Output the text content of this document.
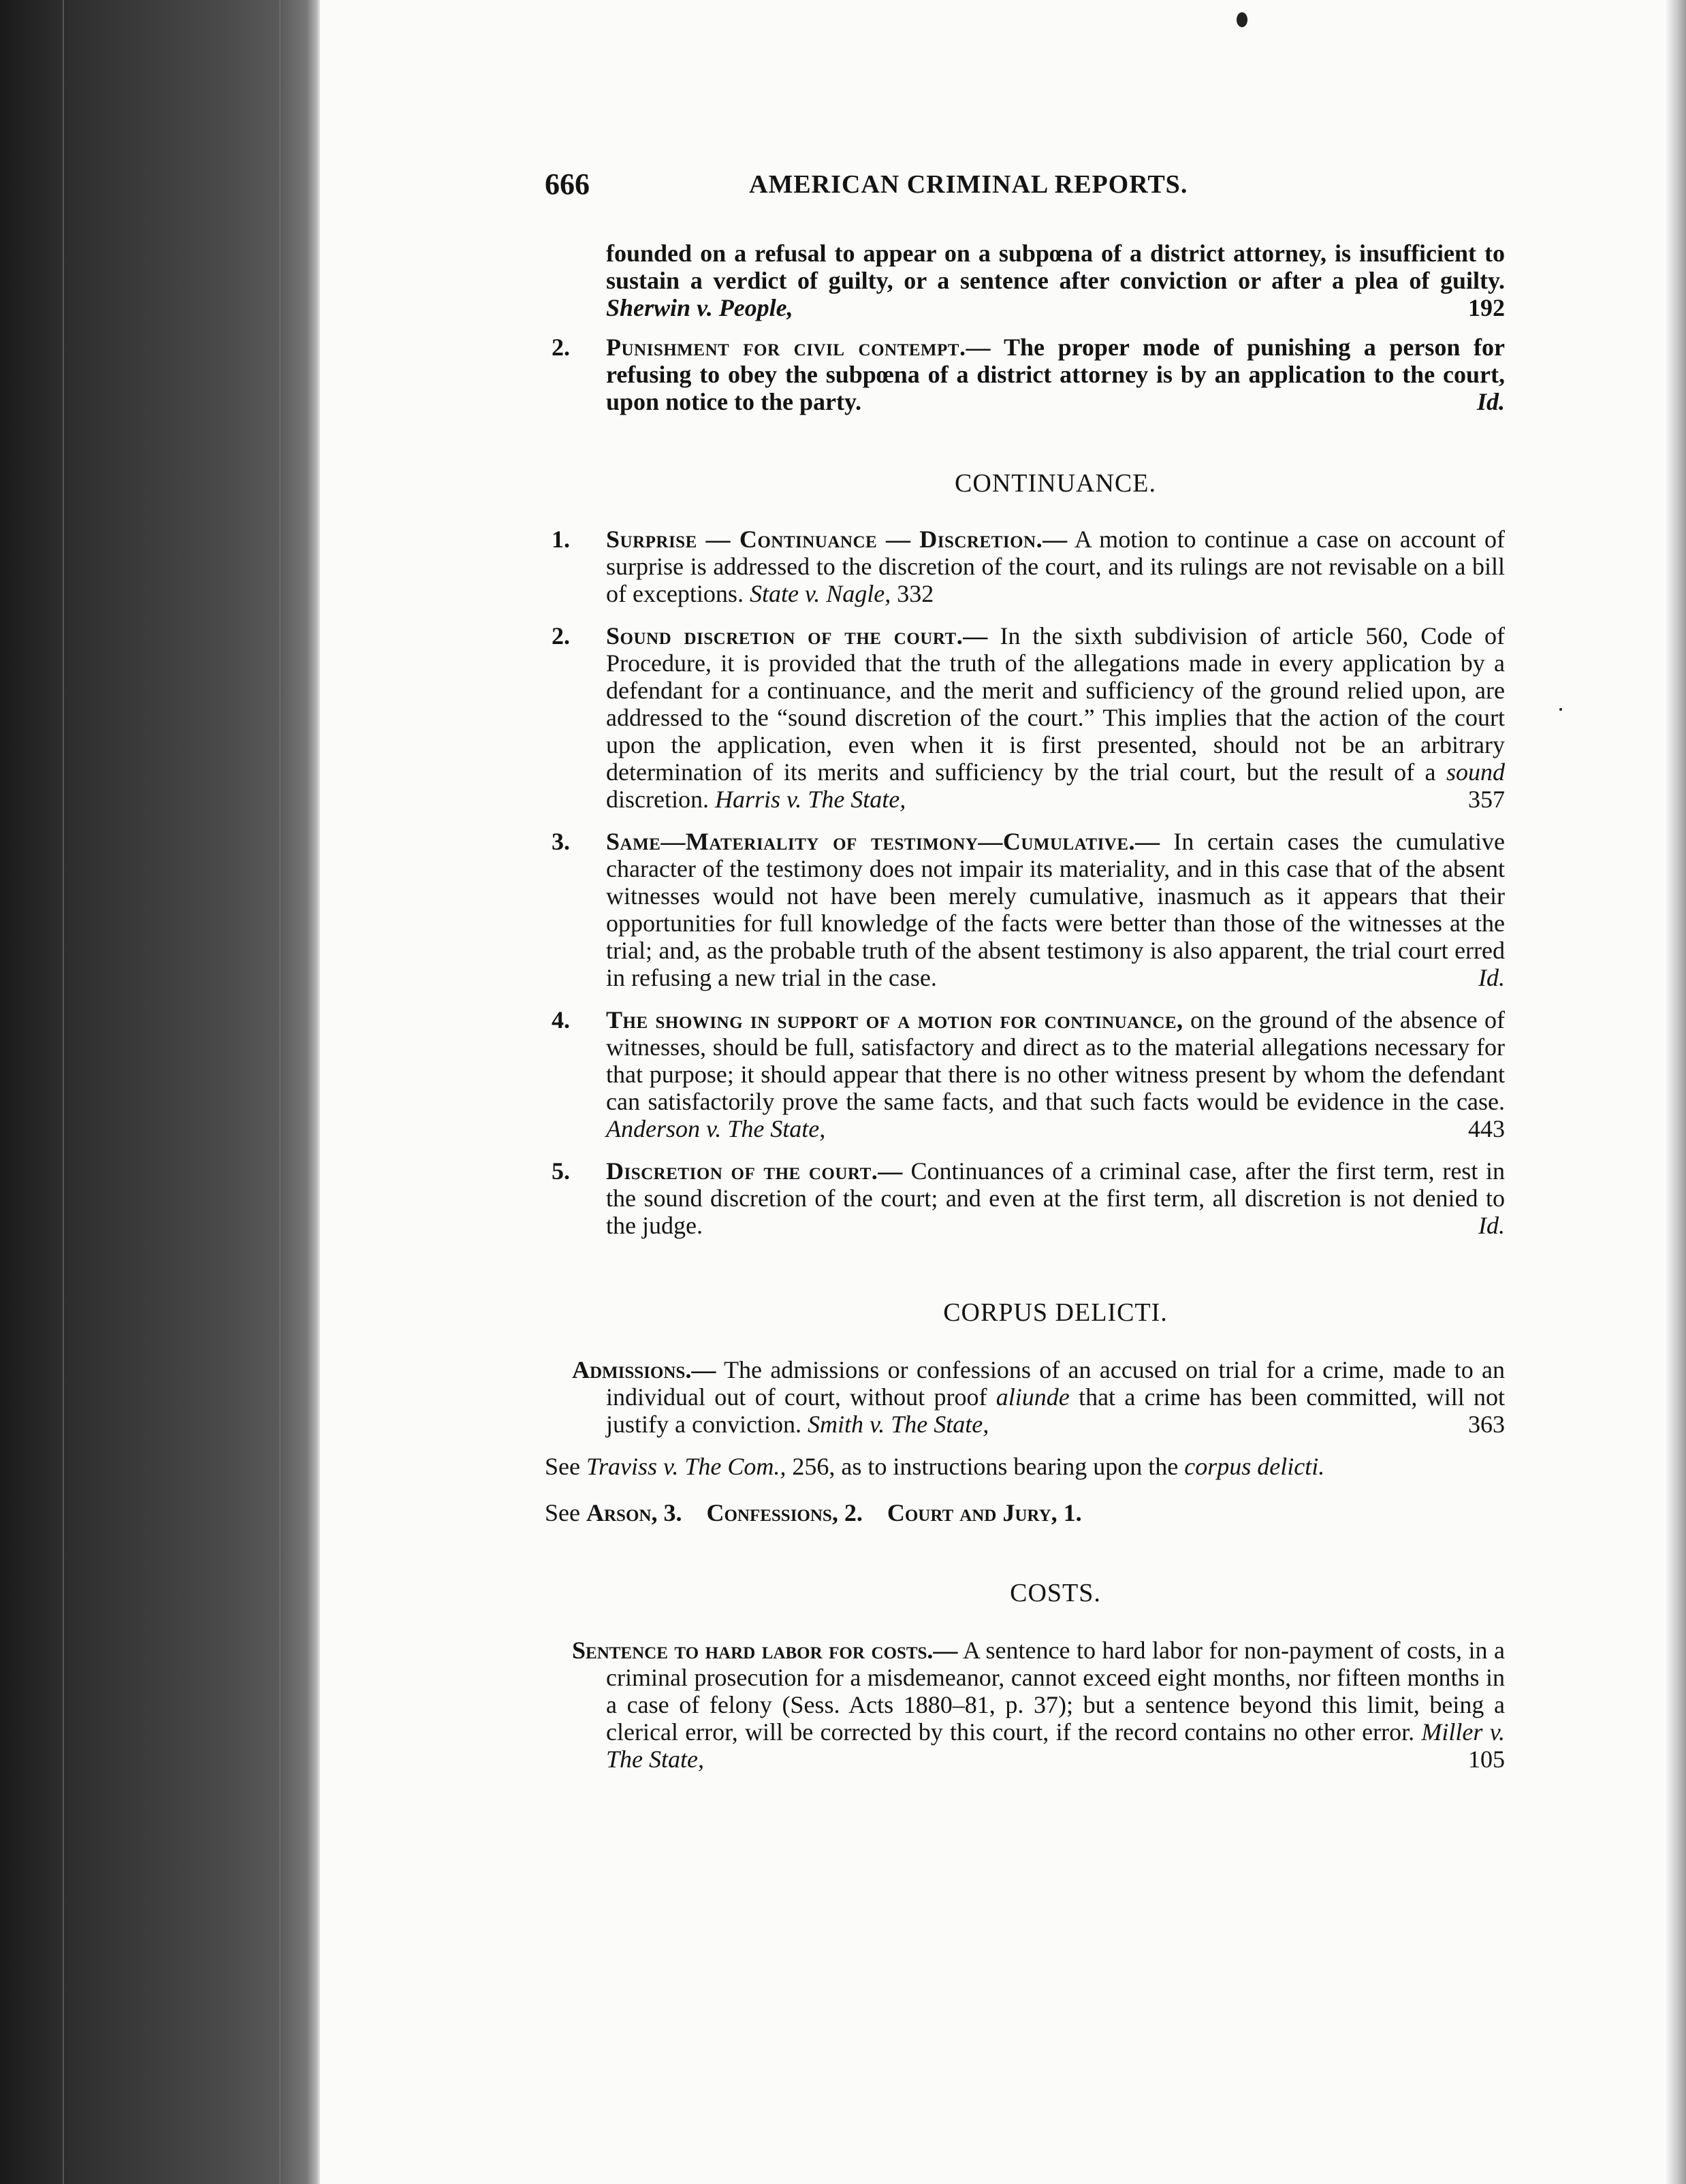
666	AMERICAN CRIMINAL REPORTS.
founded on a refusal to appear on a subpœna of a district attorney, is insufficient to sustain a verdict of guilty, or a sentence after conviction or after a plea of guilty. Sherwin v. People,	192
2. Punishment for civil contempt.— The proper mode of punishing a person for refusing to obey the subpœna of a district attorney is by an application to the court, upon notice to the party.	Id.
CONTINUANCE.
1. Surprise — Continuance — Discretion.— A motion to continue a case on account of surprise is addressed to the discretion of the court, and its rulings are not revisable on a bill of exceptions. State v. Nagle, 332
2. Sound discretion of the court.— In the sixth subdivision of article 560, Code of Procedure, it is provided that the truth of the allegations made in every application by a defendant for a continuance, and the merit and sufficiency of the ground relied upon, are addressed to the “sound discretion of the court.” This implies that the action of the court upon the application, even when it is first presented, should not be an arbitrary determination of its merits and sufficiency by the trial court, but the result of a sound discretion. Harris v. The State,	357
3. Same—Materiality of testimony—Cumulative.— In certain cases the cumulative character of the testimony does not impair its materiality, and in this case that of the absent witnesses would not have been merely cumulative, inasmuch as it appears that their opportunities for full knowledge of the facts were better than those of the witnesses at the trial; and, as the probable truth of the absent testimony is also apparent, the trial court erred in refusing a new trial in the case.	Id.
4. The showing in support of a motion for continuance, on the ground of the absence of witnesses, should be full, satisfactory and direct as to the material allegations necessary for that purpose; it should appear that there is no other witness present by whom the defendant can satisfactorily prove the same facts, and that such facts would be evidence in the case. Anderson v. The State,	443
5. Discretion of the court.— Continuances of a criminal case, after the first term, rest in the sound discretion of the court; and even at the first term, all discretion is not denied to the judge.	Id.
CORPUS DELICTI.
Admissions.— The admissions or confessions of an accused on trial for a crime, made to an individual out of court, without proof aliunde that a crime has been committed, will not justify a conviction. Smith v. The State,	363
See Traviss v. The Com., 256, as to instructions bearing upon the corpus delicti.
See Arson, 3. Confessions, 2. Court and Jury, 1.
COSTS.
Sentence to hard labor for costs.— A sentence to hard labor for non-payment of costs, in a criminal prosecution for a misdemeanor, cannot exceed eight months, nor fifteen months in a case of felony (Sess. Acts 1880–81, p. 37); but a sentence beyond this limit, being a clerical error, will be corrected by this court, if the record contains no other error. Miller v. The State,	105
